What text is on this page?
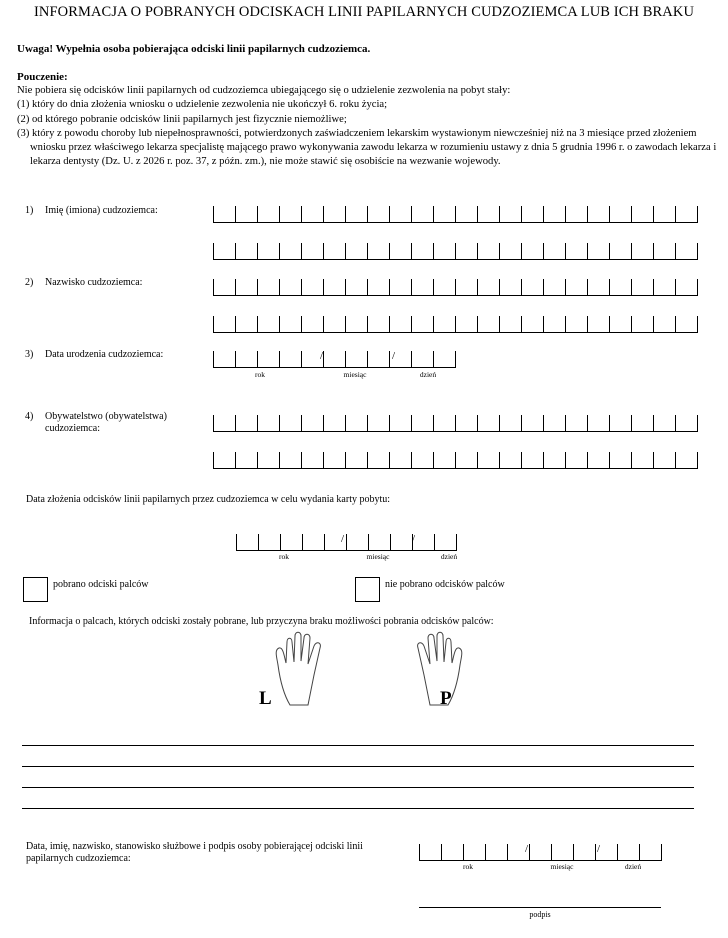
INFORMACJA O POBRANYCH ODCISKACH LINII PAPILARNYCH CUDZOZIEMCA LUB ICH BRAKU
Uwaga! Wypełnia osoba pobierająca odciski linii papilarnych cudzoziemca.
Pouczenie:

Nie pobiera się odcisków linii papilarnych od cudzoziemca ubiegającego się o udzielenie zezwolenia na pobyt stały:

(1) który do dnia złożenia wniosku o udzielenie zezwolenia nie ukończył 6. roku życia;

(2) od którego pobranie odcisków linii papilarnych jest fizycznie niemożliwe;

(3) który z powodu choroby lub niepełnosprawności, potwierdzonych zaświadczeniem lekarskim wystawionym niewcześniej niż na 3 miesiące przed złożeniem wniosku przez właściwego lekarza specjalistę mającego prawo wykonywania zawodu lekarza w rozumieniu ustawy z dnia 5 grudnia 1996 r. o zawodach lekarza i lekarza dentysty (Dz. U. z 2026 r. poz. 37, z późn. zm.), nie może stawić się osobiście na wezwanie wojewody.

1) Imię (imiona) cudzoziemca:
2) Nazwisko cudzoziemca:
3) Data urodzenia cudzoziemca:	/	/
rok	miesiąc	dzień
4) Obywatelstwo (obywatelstwa) cudzoziemca:
Data złożenia odcisków linii papilarnych przez cudzoziemca w celu wydania karty pobytu:
/	/
rok	miesiąc	dzień
pobrano odciski palców	nie pobrano odcisków palców
Informacja o palcach, których odciski zostały pobrane, lub przyczyna braku możliwości pobrania odcisków palców:
L	P
Data, imię, nazwisko, stanowisko służbowe i podpis osoby pobierającej odciski linii papilarnych cudzoziemca:
/	/
rok	miesiąc	dzień
podpis
